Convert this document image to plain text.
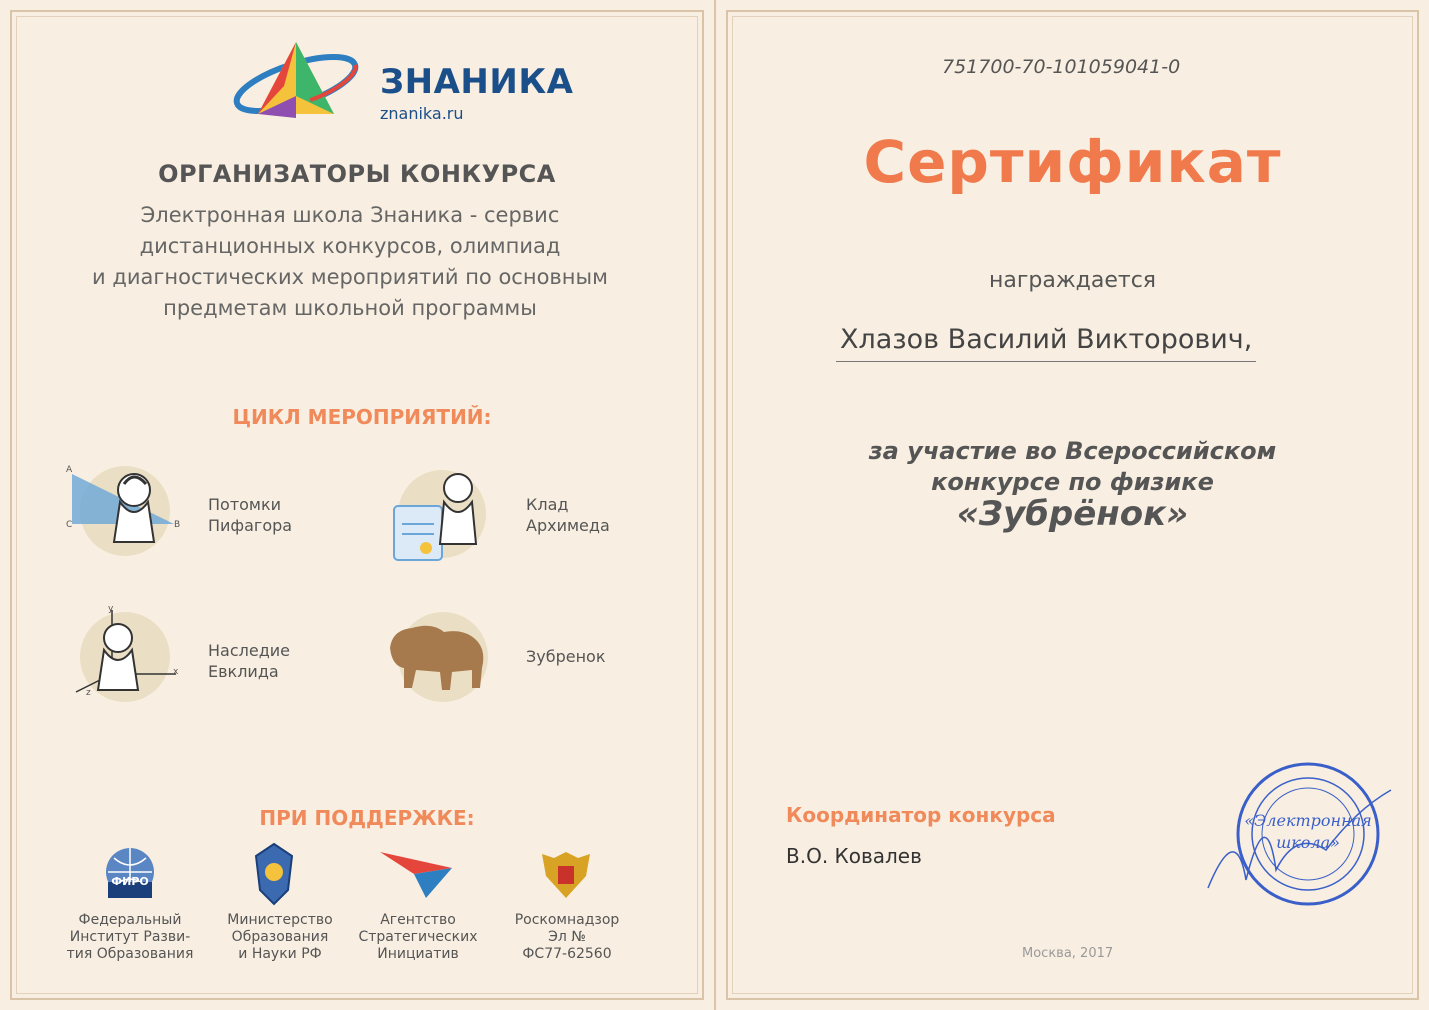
ЗНАНИКА
znanika.ru
ОРГАНИЗАТОРЫ КОНКУРСА
Электронная школа Знаника - сервис
дистанционных конкурсов, олимпиад
и диагностических мероприятий по основным
предметам школьной программы
ЦИКЛ МЕРОПРИЯТИЙ:
A
C	B
Потомки
Пифагора
Клад
Архимеда
y
x
z
Наследие
Евклида
Зубренок
ПРИ ПОДДЕРЖКЕ:
ФИРО
Федеральный
Институт Разви-
тия Образования
Министерство
Образования
и Науки РФ
Агентство
Стратегических
Инициатив
Роскомнадзор
Эл №
ФС77-62560
751700-70-101059041-0
Сертификат
награждается
Хлазов Василий Викторович,
за участие во Всероссийском
конкурсе по физике
«Зубрёнок»
Координатор конкурса
В.О. Ковалев
«Электронная
школа»
Москва, 2017
